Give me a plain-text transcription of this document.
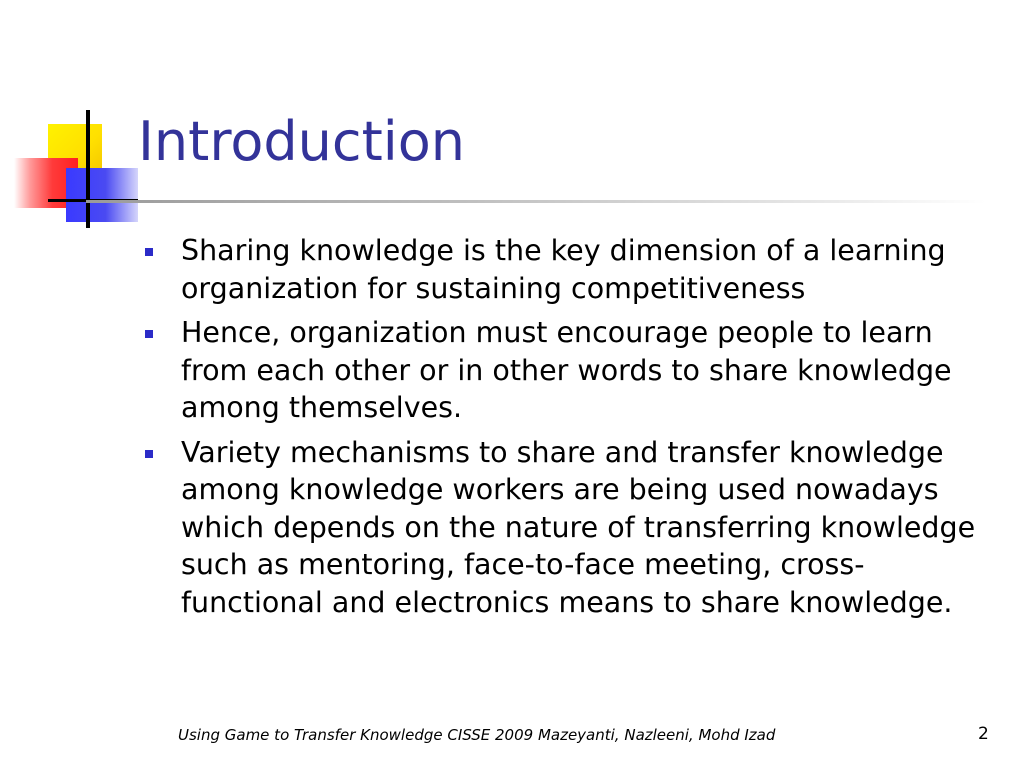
Introduction
Sharing knowledge is the key dimension of a learning organization for sustaining competitiveness
Hence, organization must encourage people to learn from each other or in other words to share knowledge among themselves.
Variety mechanisms to share and transfer knowledge among knowledge workers are being used nowadays which depends on the nature of transferring knowledge such as mentoring, face-to-face meeting, cross-functional and electronics means to share knowledge.
Using Game to Transfer Knowledge CISSE 2009 Mazeyanti, Nazleeni, Mohd Izad	2
